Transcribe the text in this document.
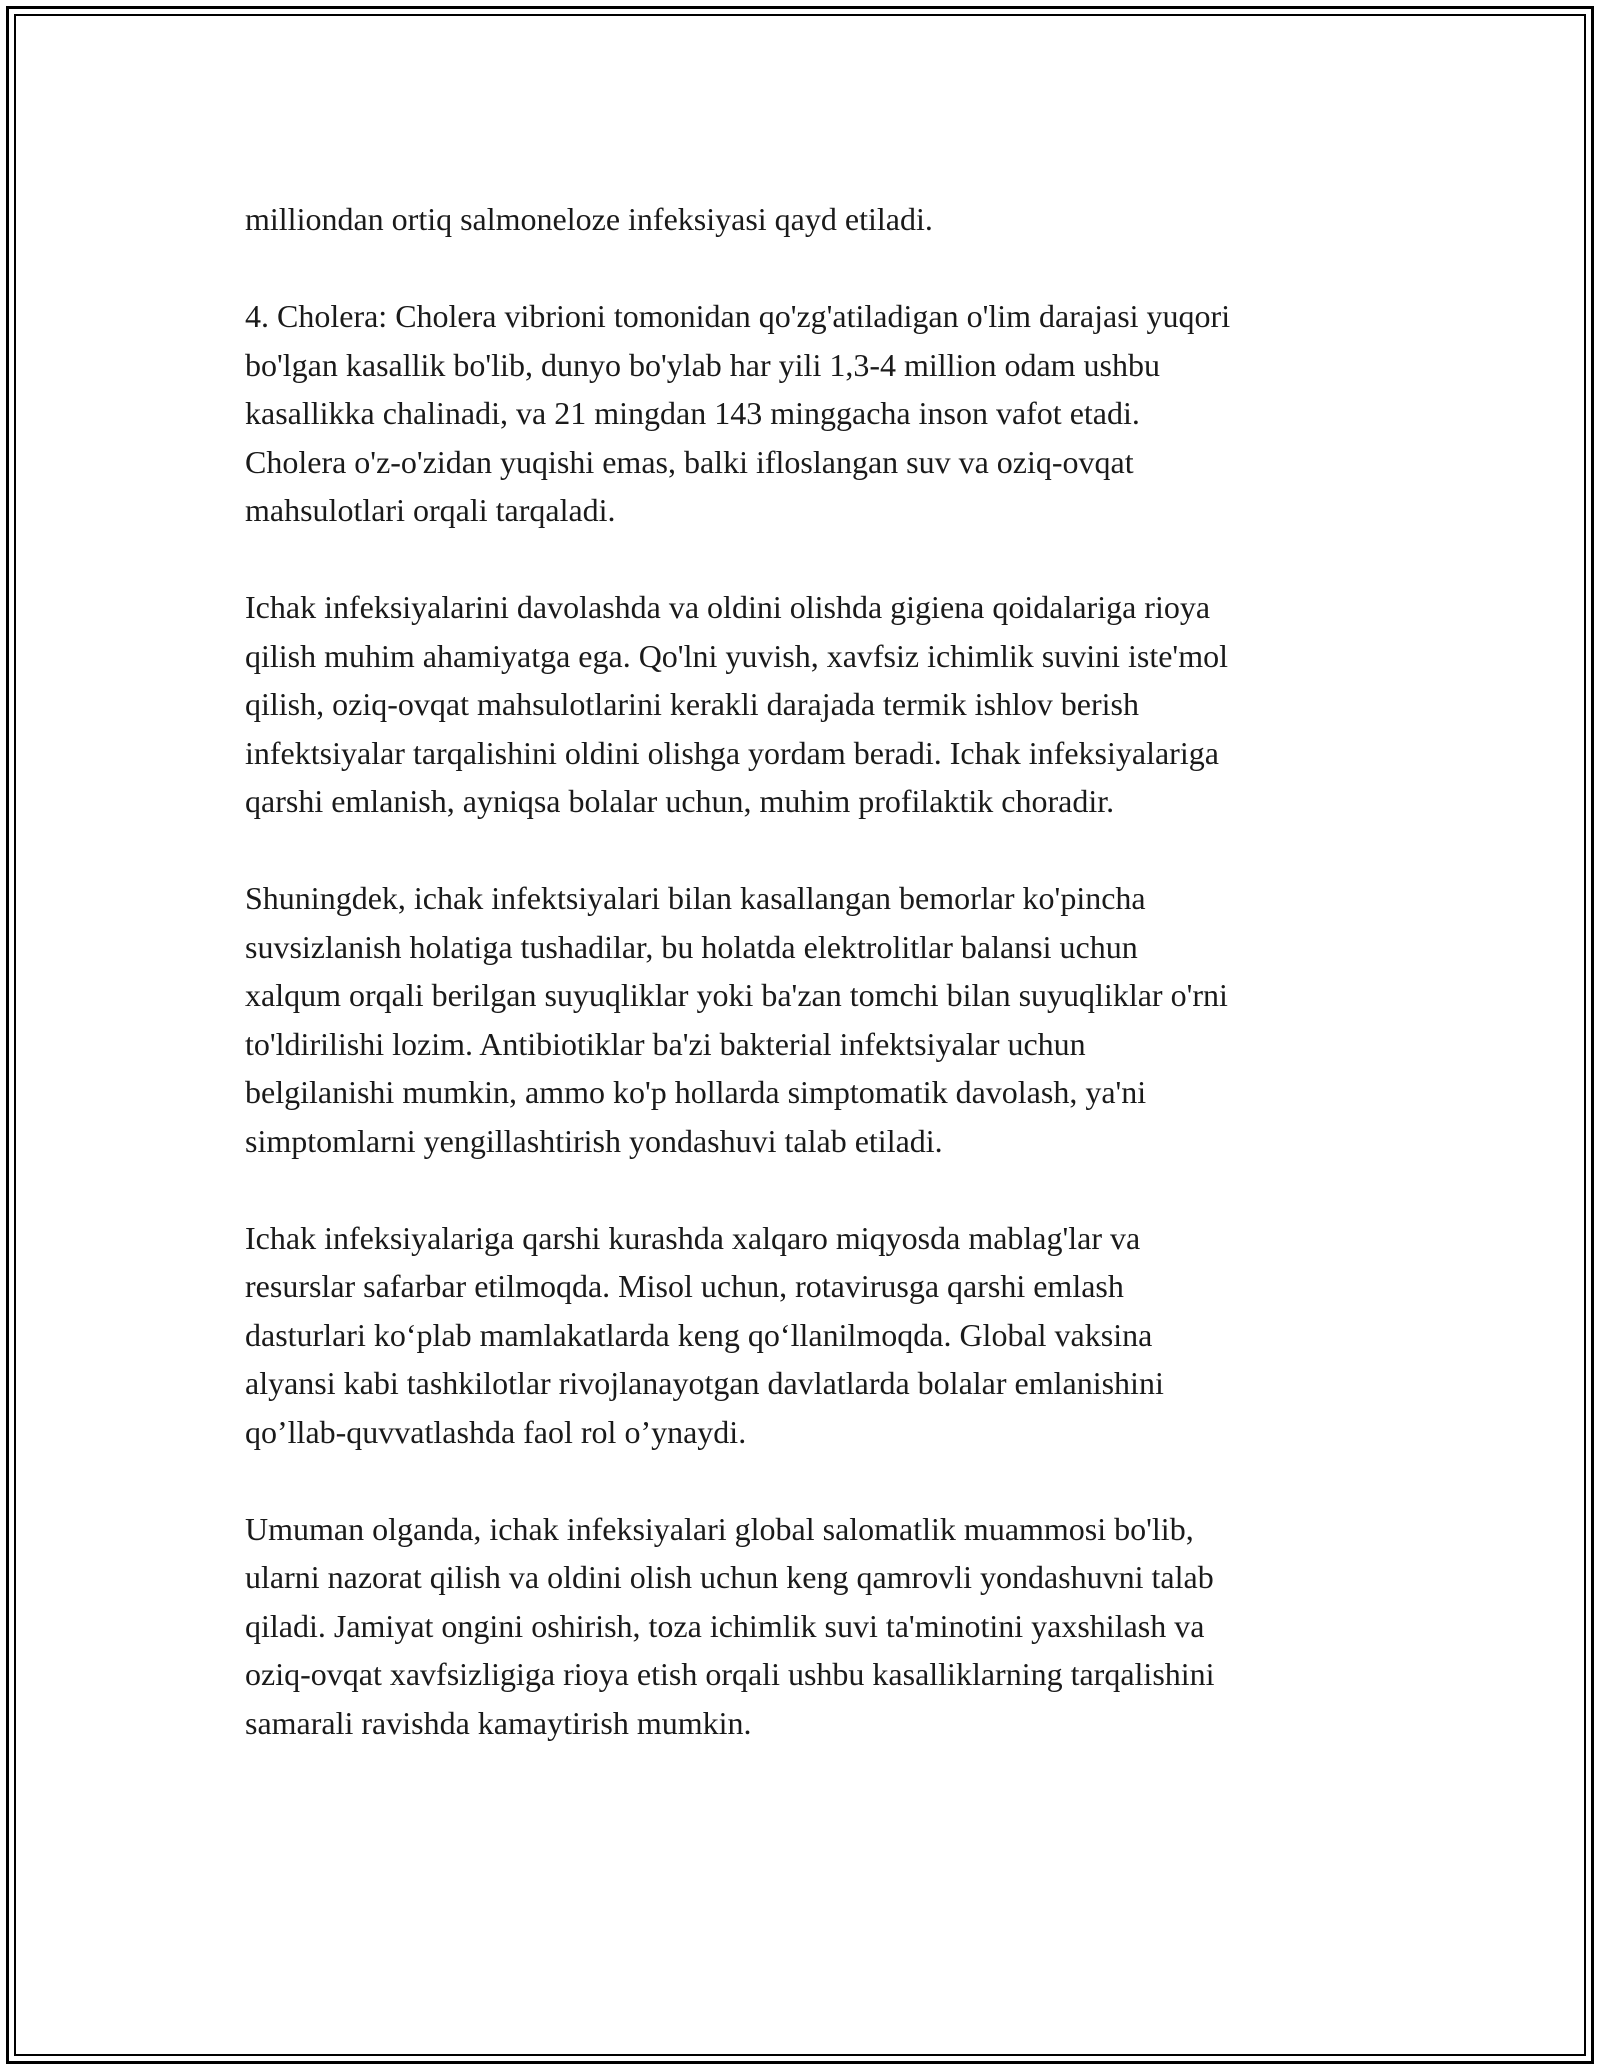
milliondan ortiq salmoneloze infeksiyasi qayd etiladi.

4. Cholera: Cholera vibrioni tomonidan qo'zg'atiladigan o'lim darajasi yuqori
bo'lgan kasallik bo'lib, dunyo bo'ylab har yili 1,3-4 million odam ushbu
kasallikka chalinadi, va 21 mingdan 143 minggacha inson vafot etadi.
Cholera o'z-o'zidan yuqishi emas, balki ifloslangan suv va oziq-ovqat
mahsulotlari orqali tarqaladi.

Ichak infeksiyalarini davolashda va oldini olishda gigiena qoidalariga rioya
qilish muhim ahamiyatga ega. Qo'lni yuvish, xavfsiz ichimlik suvini iste'mol
qilish, oziq-ovqat mahsulotlarini kerakli darajada termik ishlov berish
infektsiyalar tarqalishini oldini olishga yordam beradi. Ichak infeksiyalariga
qarshi emlanish, ayniqsa bolalar uchun, muhim profilaktik choradir.

Shuningdek, ichak infektsiyalari bilan kasallangan bemorlar ko'pincha
suvsizlanish holatiga tushadilar, bu holatda elektrolitlar balansi uchun
xalqum orqali berilgan suyuqliklar yoki ba'zan tomchi bilan suyuqliklar o'rni
to'ldirilishi lozim. Antibiotiklar ba'zi bakterial infektsiyalar uchun
belgilanishi mumkin, ammo ko'p hollarda simptomatik davolash, ya'ni
simptomlarni yengillashtirish yondashuvi talab etiladi.

Ichak infeksiyalariga qarshi kurashda xalqaro miqyosda mablag'lar va
resurslar safarbar etilmoqda. Misol uchun, rotavirusga qarshi emlash
dasturlari koʻplab mamlakatlarda keng qoʻllanilmoqda. Global vaksina
alyansi kabi tashkilotlar rivojlanayotgan davlatlarda bolalar emlanishini
qo’llab-quvvatlashda faol rol o’ynaydi.

Umuman olganda, ichak infeksiyalari global salomatlik muammosi bo'lib,
ularni nazorat qilish va oldini olish uchun keng qamrovli yondashuvni talab
qiladi. Jamiyat ongini oshirish, toza ichimlik suvi ta'minotini yaxshilash va
oziq-ovqat xavfsizligiga rioya etish orqali ushbu kasalliklarning tarqalishini
samarali ravishda kamaytirish mumkin.
